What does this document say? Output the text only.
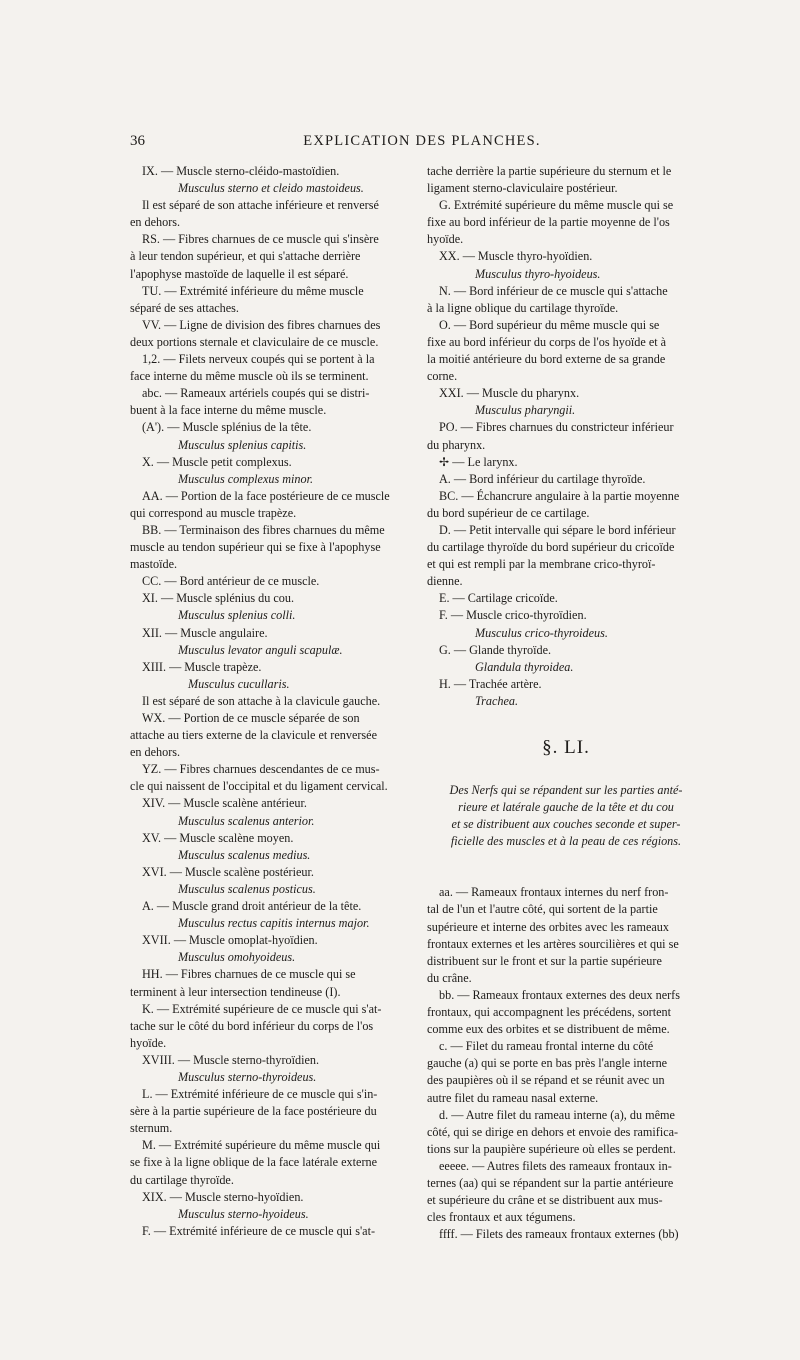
36	EXPLICATION DES PLANCHES.
IX. — Muscle sterno-cléido-mastoïdien.
Musculus sterno et cleido mastoideus.
Il est séparé de son attache inférieure et renversé
en dehors.
RS. — Fibres charnues de ce muscle qui s'insère
à leur tendon supérieur, et qui s'attache derrière
l'apophyse mastoïde de laquelle il est séparé.
TU. — Extrémité inférieure du même muscle
séparé de ses attaches.
VV. — Ligne de division des fibres charnues des
deux portions sternale et claviculaire de ce muscle.
1,2. — Filets nerveux coupés qui se portent à la
face interne du même muscle où ils se terminent.
abc. — Rameaux artériels coupés qui se distri-
buent à la face interne du même muscle.
(A'). — Muscle splénius de la tête.
Musculus splenius capitis.
X. — Muscle petit complexus.
Musculus complexus minor.
AA. — Portion de la face postérieure de ce muscle
qui correspond au muscle trapèze.
BB. — Terminaison des fibres charnues du même
muscle au tendon supérieur qui se fixe à l'apophyse
mastoïde.
CC. — Bord antérieur de ce muscle.
XI. — Muscle splénius du cou.
Musculus splenius colli.
XII. — Muscle angulaire.
Musculus levator anguli scapulæ.
XIII. — Muscle trapèze.
Musculus cucullaris.
Il est séparé de son attache à la clavicule gauche.
WX. — Portion de ce muscle séparée de son
attache au tiers externe de la clavicule et renversée
en dehors.
YZ. — Fibres charnues descendantes de ce mus-
cle qui naissent de l'occipital et du ligament cervical.
XIV. — Muscle scalène antérieur.
Musculus scalenus anterior.
XV. — Muscle scalène moyen.
Musculus scalenus medius.
XVI. — Muscle scalène postérieur.
Musculus scalenus posticus.
A. — Muscle grand droit antérieur de la tête.
Musculus rectus capitis internus major.
XVII. — Muscle omoplat-hyoïdien.
Musculus omohyoideus.
HH. — Fibres charnues de ce muscle qui se
terminent à leur intersection tendineuse (I).
K. — Extrémité supérieure de ce muscle qui s'at-
tache sur le côté du bord inférieur du corps de l'os
hyoïde.
XVIII. — Muscle sterno-thyroïdien.
Musculus sterno-thyroideus.
L. — Extrémité inférieure de ce muscle qui s'in-
sère à la partie supérieure de la face postérieure du
sternum.
M. — Extrémité supérieure du même muscle qui
se fixe à la ligne oblique de la face latérale externe
du cartilage thyroïde.
XIX. — Muscle sterno-hyoïdien.
Musculus sterno-hyoideus.
F. — Extrémité inférieure de ce muscle qui s'at-
tache derrière la partie supérieure du sternum et le
ligament sterno-claviculaire postérieur.
G. Extrémité supérieure du même muscle qui se
fixe au bord inférieur de la partie moyenne de l'os
hyoïde.
XX. — Muscle thyro-hyoïdien.
Musculus thyro-hyoideus.
N. — Bord inférieur de ce muscle qui s'attache
à la ligne oblique du cartilage thyroïde.
O. — Bord supérieur du même muscle qui se
fixe au bord inférieur du corps de l'os hyoïde et à
la moitié antérieure du bord externe de sa grande
corne.
XXI. — Muscle du pharynx.
Musculus pharyngii.
PO. — Fibres charnues du constricteur inférieur
du pharynx.
✢ — Le larynx.
A. — Bord inférieur du cartilage thyroïde.
BC. — Échancrure angulaire à la partie moyenne
du bord supérieur de ce cartilage.
D. — Petit intervalle qui sépare le bord inférieur
du cartilage thyroïde du bord supérieur du cricoïde
et qui est rempli par la membrane crico-thyroï-
dienne.
E. — Cartilage cricoïde.
F. — Muscle crico-thyroïdien.
Musculus crico-thyroideus.
G. — Glande thyroïde.
Glandula thyroidea.
H. — Trachée artère.
Trachea.
§. LI.
Des Nerfs qui se répandent sur les parties anté-
rieure et latérale gauche de la tête et du cou
et se distribuent aux couches seconde et super-
ficielle des muscles et à la peau de ces régions.
aa. — Rameaux frontaux internes du nerf fron-
tal de l'un et l'autre côté, qui sortent de la partie
supérieure et interne des orbites avec les rameaux
frontaux externes et les artères sourcilières et qui se
distribuent sur le front et sur la partie supérieure
du crâne.
bb. — Rameaux frontaux externes des deux nerfs
frontaux, qui accompagnent les précédens, sortent
comme eux des orbites et se distribuent de même.
c. — Filet du rameau frontal interne du côté
gauche (a) qui se porte en bas près l'angle interne
des paupières où il se répand et se réunit avec un
autre filet du rameau nasal externe.
d. — Autre filet du rameau interne (a), du même
côté, qui se dirige en dehors et envoie des ramifica-
tions sur la paupière supérieure où elles se perdent.
eeeee. — Autres filets des rameaux frontaux in-
ternes (aa) qui se répandent sur la partie antérieure
et supérieure du crâne et se distribuent aux mus-
cles frontaux et aux tégumens.
ffff. — Filets des rameaux frontaux externes (bb)
